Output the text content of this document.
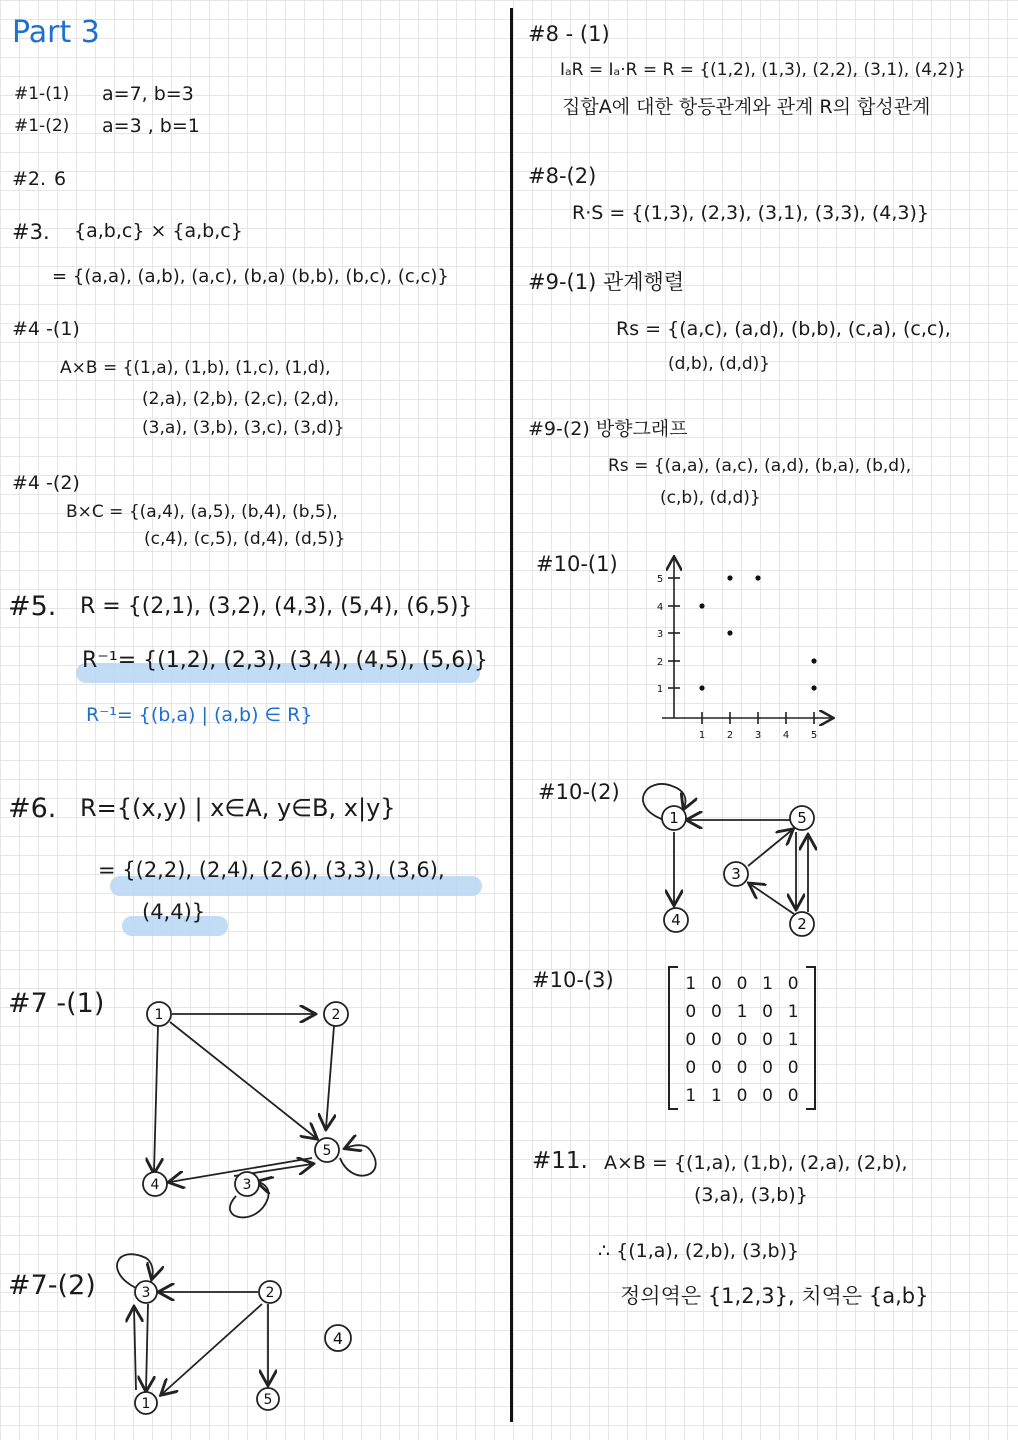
Part 3
#1-(1) a=7, b=3
#1-(2) a=3 , b=1
#2. 6
#3. {a,b,c} × {a,b,c}
= {(a,a), (a,b), (a,c), (b,a) (b,b), (b,c), (c,c)}
#4 -(1)
A×B = {(1,a), (1,b), (1,c), (1,d),
(2,a), (2,b), (2,c), (2,d),
(3,a), (3,b), (3,c), (3,d)}
#4 -(2)
B×C = {(a,4), (a,5), (b,4), (b,5),
(c,4), (c,5), (d,4), (d,5)}
#5. R = {(2,1), (3,2), (4,3), (5,4), (6,5)}
R⁻¹= {(1,2), (2,3), (3,4), (4,5), (5,6)}
R⁻¹= {(b,a) | (a,b) ∈ R}
#6. R={(x,y) | x∈A, y∈B, x|y}
= {(2,2), (2,4), (2,6), (3,3), (3,6),
(4,4)}
#7 -(1)	1	2
3
4
5
#7-(2)
1
2
3
4
5
#8 - (1)
IₐR = Iₐ·R = R = {(1,2), (1,3), (2,2), (3,1), (4,2)}
집합A에 대한 항등관계와 관계 R의 합성관계
#8-(2)
R·S = {(1,3), (2,3), (3,1), (3,3), (4,3)}
#9-(1) 관계행렬
Rs = {(a,c), (a,d), (b,b), (c,a), (c,c),
(d,b), (d,d)}
#9-(2) 방향그래프
Rs = {(a,a), (a,c), (a,d), (b,a), (b,d),
(c,b), (d,d)}
#10-(1)
1
2
3
4
5
1 2 3 4 5
#10-(2)
1
2
3
4
5
#10-(3)	1 0 0 1 0
0 0 1 0 1
0 0 0 0 1
0 0 0 0 0
1 1 0 0 0
#11. A×B = {(1,a), (1,b), (2,a), (2,b),
(3,a), (3,b)}
∴ {(1,a), (2,b), (3,b)}
정의역은 {1,2,3}, 치역은 {a,b}
